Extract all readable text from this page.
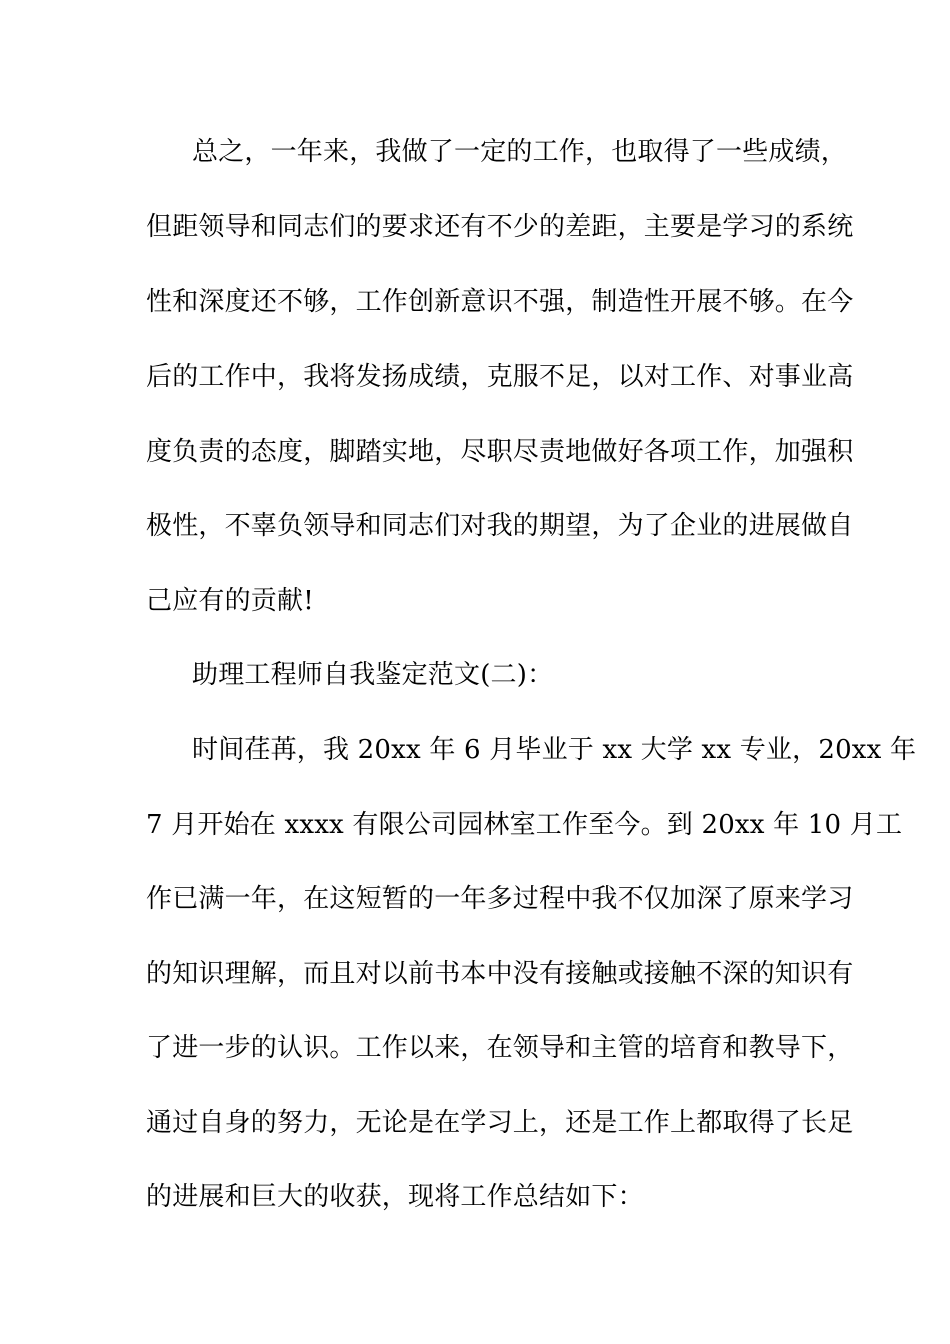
总之，一年来，我做了一定的工作，也取得了一些成绩，
但距领导和同志们的要求还有不少的差距，主要是学习的系统
性和深度还不够，工作创新意识不强，制造性开展不够。在今
后的工作中，我将发扬成绩，克服不足，以对工作、对事业高
度负责的态度，脚踏实地，尽职尽责地做好各项工作，加强积
极性，不辜负领导和同志们对我的期望，为了企业的进展做自
己应有的贡献!
助理工程师自我鉴定范文(二)：
时间荏苒，我 20xx 年 6 月毕业于 xx 大学 xx 专业，20xx 年
7 月开始在 xxxx 有限公司园林室工作至今。到 20xx 年 10 月工
作已满一年，在这短暂的一年多过程中我不仅加深了原来学习
的知识理解，而且对以前书本中没有接触或接触不深的知识有
了进一步的认识。工作以来，在领导和主管的培育和教导下，
通过自身的努力，无论是在学习上，还是工作上都取得了长足
的进展和巨大的收获，现将工作总结如下：
